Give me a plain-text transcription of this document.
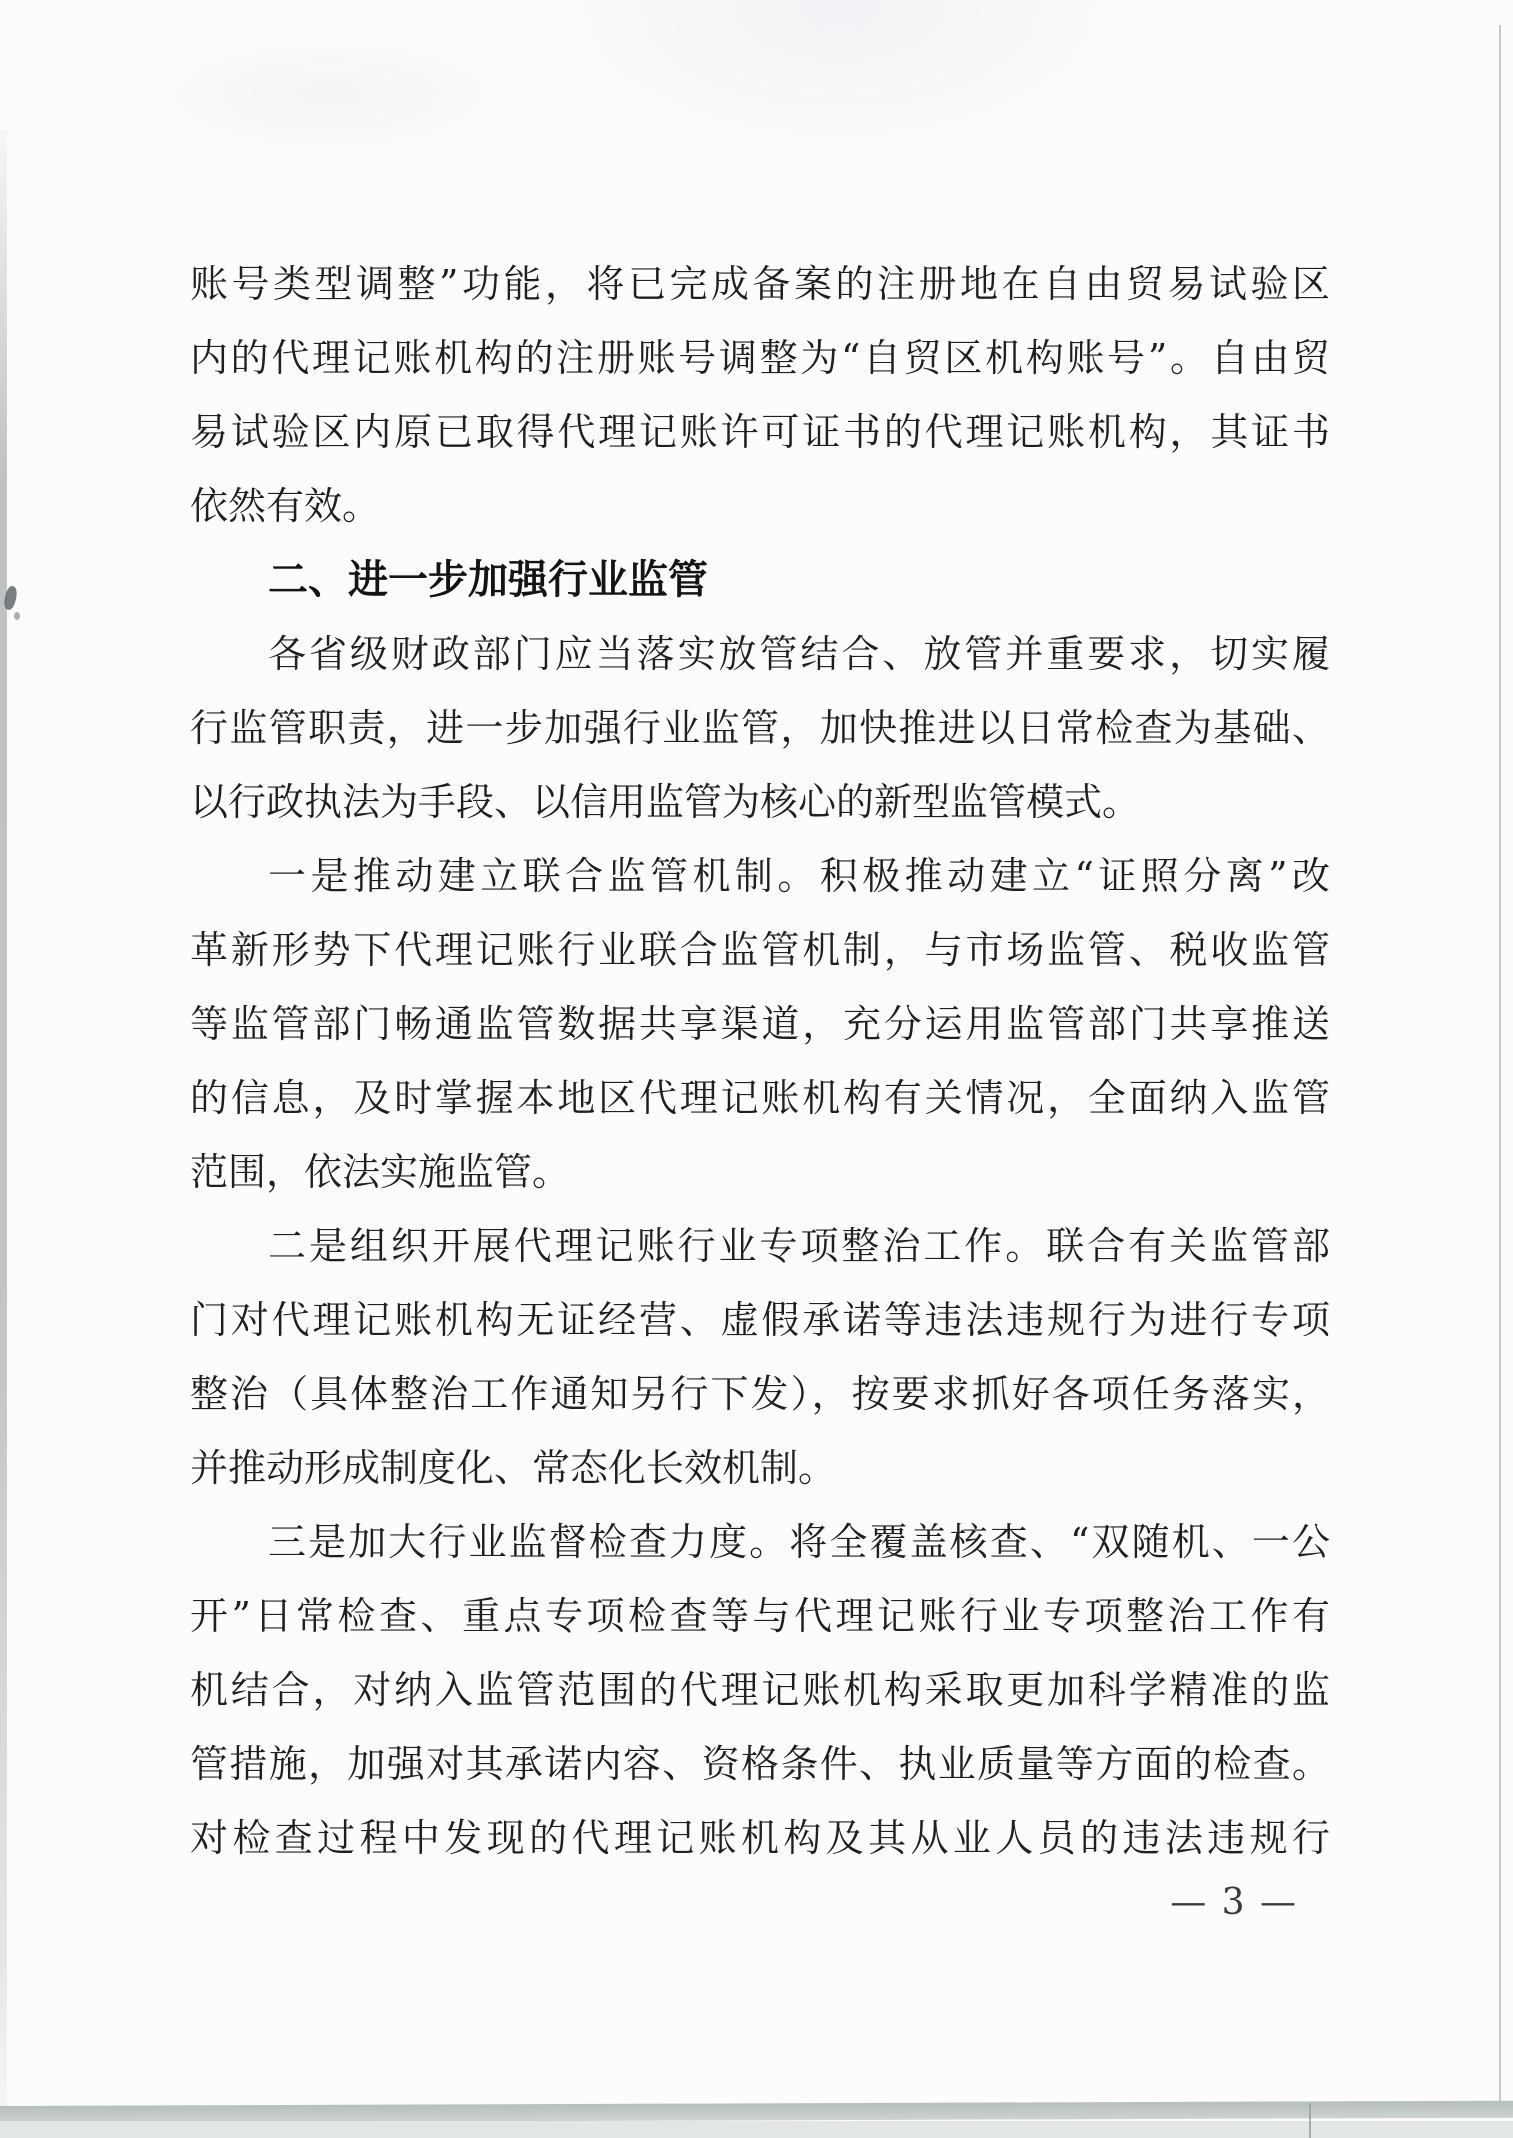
账号类型调整”功能，将已完成备案的注册地在自由贸易试验区
内的代理记账机构的注册账号调整为“自贸区机构账号”。自由贸
易试验区内原已取得代理记账许可证书的代理记账机构，其证书
依然有效。
二、进一步加强行业监管
各省级财政部门应当落实放管结合、放管并重要求，切实履
行监管职责，进一步加强行业监管，加快推进以日常检查为基础、
以行政执法为手段、以信用监管为核心的新型监管模式。
一是推动建立联合监管机制。积极推动建立“证照分离”改
革新形势下代理记账行业联合监管机制，与市场监管、税收监管
等监管部门畅通监管数据共享渠道，充分运用监管部门共享推送
的信息，及时掌握本地区代理记账机构有关情况，全面纳入监管
范围，依法实施监管。
二是组织开展代理记账行业专项整治工作。联合有关监管部
门对代理记账机构无证经营、虚假承诺等违法违规行为进行专项
整治（具体整治工作通知另行下发），按要求抓好各项任务落实，
并推动形成制度化、常态化长效机制。
三是加大行业监督检查力度。将全覆盖核查、“双随机、一公
开”日常检查、重点专项检查等与代理记账行业专项整治工作有
机结合，对纳入监管范围的代理记账机构采取更加科学精准的监
管措施，加强对其承诺内容、资格条件、执业质量等方面的检查。
对检查过程中发现的代理记账机构及其从业人员的违法违规行
— 3 —
